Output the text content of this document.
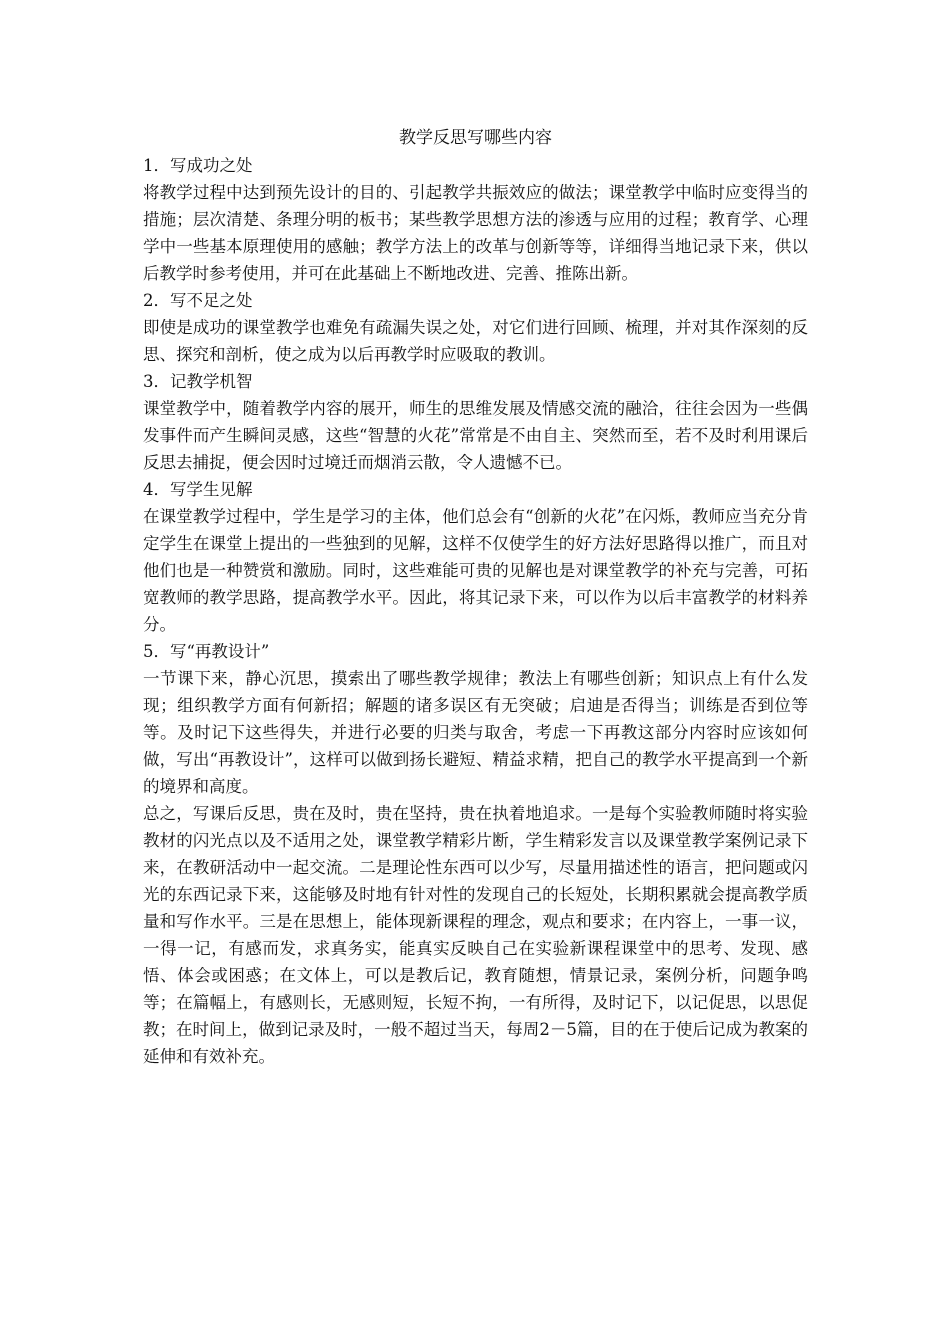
教学反思写哪些内容

1．写成功之处

将教学过程中达到预先设计的目的、引起教学共振效应的做法；课堂教学中临时应变得当的措施；层次清楚、条理分明的板书；某些教学思想方法的渗透与应用的过程；教育学、心理学中一些基本原理使用的感触；教学方法上的改革与创新等等，详细得当地记录下来，供以后教学时参考使用，并可在此基础上不断地改进、完善、推陈出新。

2．写不足之处

即使是成功的课堂教学也难免有疏漏失误之处，对它们进行回顾、梳理，并对其作深刻的反思、探究和剖析，使之成为以后再教学时应吸取的教训。

3．记教学机智

课堂教学中，随着教学内容的展开，师生的思维发展及情感交流的融洽，往往会因为一些偶发事件而产生瞬间灵感，这些“智慧的火花”常常是不由自主、突然而至，若不及时利用课后反思去捕捉，便会因时过境迁而烟消云散，令人遗憾不已。

4．写学生见解

在课堂教学过程中，学生是学习的主体，他们总会有“创新的火花”在闪烁，教师应当充分肯定学生在课堂上提出的一些独到的见解，这样不仅使学生的好方法好思路得以推广，而且对他们也是一种赞赏和激励。同时，这些难能可贵的见解也是对课堂教学的补充与完善，可拓宽教师的教学思路，提高教学水平。因此，将其记录下来，可以作为以后丰富教学的材料养分。

5．写“再教设计”

一节课下来，静心沉思，摸索出了哪些教学规律；教法上有哪些创新；知识点上有什么发现；组织教学方面有何新招；解题的诸多误区有无突破；启迪是否得当；训练是否到位等等。及时记下这些得失，并进行必要的归类与取舍，考虑一下再教这部分内容时应该如何做，写出“再教设计”，这样可以做到扬长避短、精益求精，把自己的教学水平提高到一个新的境界和高度。

总之，写课后反思，贵在及时，贵在坚持，贵在执着地追求。一是每个实验教师随时将实验教材的闪光点以及不适用之处，课堂教学精彩片断，学生精彩发言以及课堂教学案例记录下来，在教研活动中一起交流。二是理论性东西可以少写，尽量用描述性的语言，把问题或闪光的东西记录下来，这能够及时地有针对性的发现自己的长短处，长期积累就会提高教学质量和写作水平。三是在思想上，能体现新课程的理念，观点和要求；在内容上，一事一议，一得一记，有感而发，求真务实，能真实反映自己在实验新课程课堂中的思考、发现、感悟、体会或困惑；在文体上，可以是教后记，教育随想，情景记录，案例分析，问题争鸣等；在篇幅上，有感则长，无感则短，长短不拘，一有所得，及时记下，以记促思，以思促教；在时间上，做到记录及时，一般不超过当天，每周2－5篇，目的在于使后记成为教案的延伸和有效补充。
